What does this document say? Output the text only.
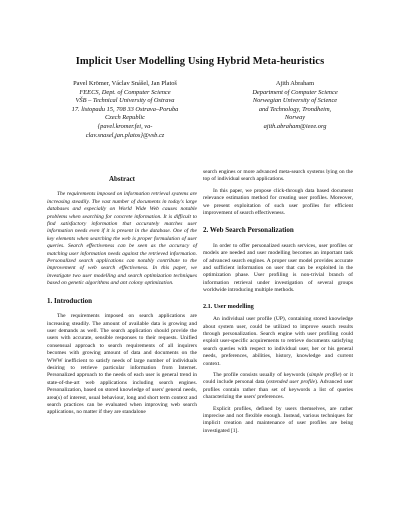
Implicit User Modelling Using Hybrid Meta-heuristics
Pavel Krömer, Václav Snášel, Jan Platoš
FEECS, Dept. of Computer Science
VŠB – Technical University of Ostrava
17. listopadu 15, 708 33 Ostrava–Poruba
Czech Republic
{pavel.kromer.fei, va-
clav.snasel,jan.platos}@vsb.cz
Ajith Abraham
Department of Computer Science
Norwegian University of Science
and Technology, Trondheim,
Norway
ajith.abraham@ieee.org
Abstract

The requirements imposed on information retrieval systems are increasing steadily. The vast number of documents in today's large databases and especially on World Wide Web causes notable problems when searching for concrete information. It is difficult to find satisfactory information that accurately matches user information needs even if it is present in the database. One of the key elements when searching the web is proper formulation of user queries. Search effectiveness can be seen as the accuracy of matching user information needs against the retrieved information. Personalized search applications can notably contribute to the improvement of web search effectiveness. In this paper, we investigate two user modelling and search optimization techniques based on genetic algorithms and ant colony optimization.

1. Introduction

The requirements imposed on search applications are increasing steadily. The amount of available data is growing and user demands as well. The search application should provide the users with accurate, sensible responses to their requests. Unified consensual approach to search requirements of all inquirers becomes with growing amount of data and documents on the WWW inefficient to satisfy needs of large number of individuals desiring to retrieve particular information from Internet. Personalized approach to the needs of each user is general trend in state-of-the-art web applications including search engines. Personalization, based on stored knowledge of users' general needs, area(s) of interest, usual behaviour, long and short term context and search practices can be evaluated when improving web search applications, no matter if they are standalone

search engines or more advanced meta-search systems lying on the top of individual search applications.

In this paper, we propose click-through data based document relevance estimation method for creating user profiles. Moreover, we present exploitation of such user profiles for efficient improvement of search effectiveness.

2. Web Search Personalization

In order to offer personalized search services, user profiles or models are needed and user modelling becomes an important task of advanced search engines. A proper user model provides accurate and sufficient information on user that can be exploited in the optimization phase. User profiling is non-trivial branch of information retrieval under investigation of several groups worldwide introducing multiple methods.

2.1. User modelling

An individual user profile (UP), containing stored knowledge about system user, could be utilized to improve search results through personalization. Search engine with user profiling could exploit user-specific acquirements to retrieve documents satisfying search queries with respect to individual user, her or his general needs, preferences, abilities, history, knowledge and current context.

The profile consists usually of keywords (simple profile) or it could include personal data (extended user profile). Advanced user profiles contain rather than set of keywords a list of queries characterizing the users' preferences.

Explicit profiles, defined by users themselves, are rather imprecise and not flexible enough. Instead, various techniques for implicit creation and maintenance of user profiles are being investigated [1].
